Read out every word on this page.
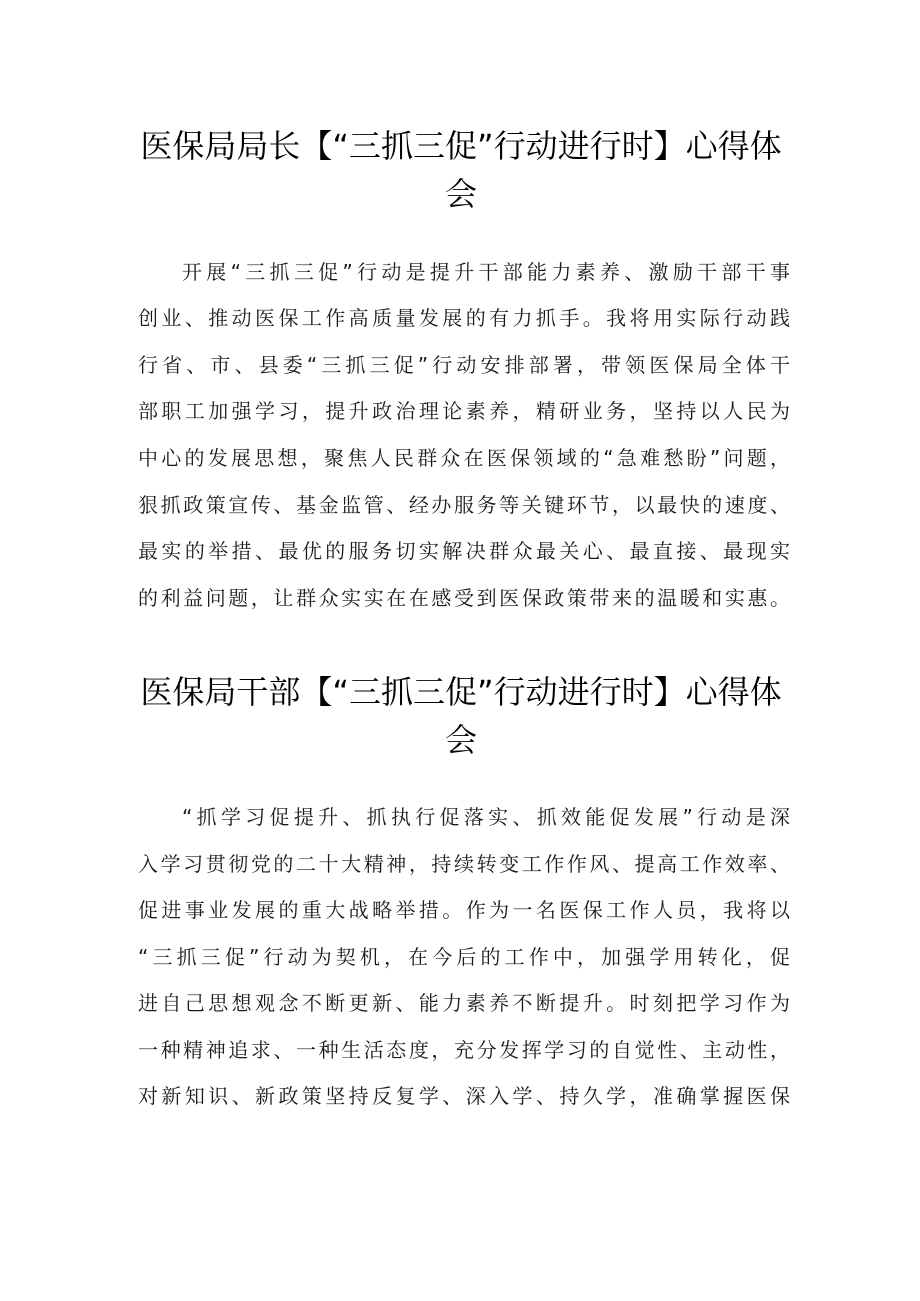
医保局局长【“三抓三促”行动进行时】心得体会

开展“三抓三促”行动是提升干部能力素养、激励干部干事

创业、推动医保工作高质量发展的有力抓手。我将用实际行动践

行省、市、县委“三抓三促”行动安排部署，带领医保局全体干

部职工加强学习，提升政治理论素养，精研业务，坚持以人民为

中心的发展思想，聚焦人民群众在医保领域的“急难愁盼”问题，

狠抓政策宣传、基金监管、经办服务等关键环节，以最快的速度、

最实的举措、最优的服务切实解决群众最关心、最直接、最现实

的利益问题，让群众实实在在感受到医保政策带来的温暖和实惠。

医保局干部【“三抓三促”行动进行时】心得体会

“抓学习促提升、抓执行促落实、抓效能促发展”行动是深

入学习贯彻党的二十大精神，持续转变工作作风、提高工作效率、

促进事业发展的重大战略举措。作为一名医保工作人员，我将以

“三抓三促”行动为契机，在今后的工作中，加强学用转化，促

进自己思想观念不断更新、能力素养不断提升。时刻把学习作为

一种精神追求、一种生活态度，充分发挥学习的自觉性、主动性，

对新知识、新政策坚持反复学、深入学、持久学，准确掌握医保
